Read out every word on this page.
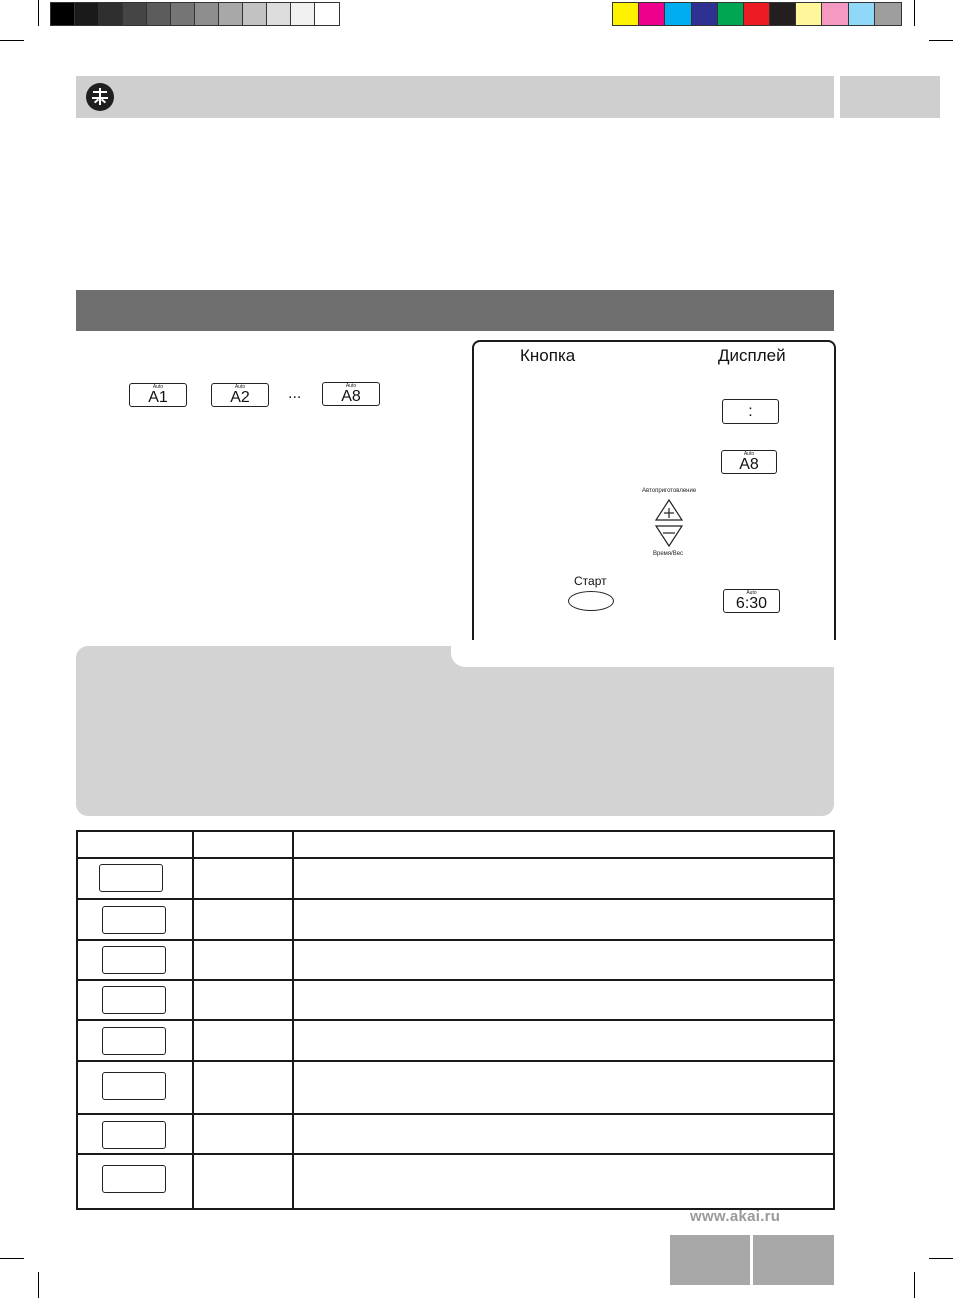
Auto
A1
Auto
A2	...	Auto
A8
Кнопка	Дисплей
:
Auto
A8
Автоприготовление
Время/Вес
Старт
Auto
6:30

www.akai.ru
